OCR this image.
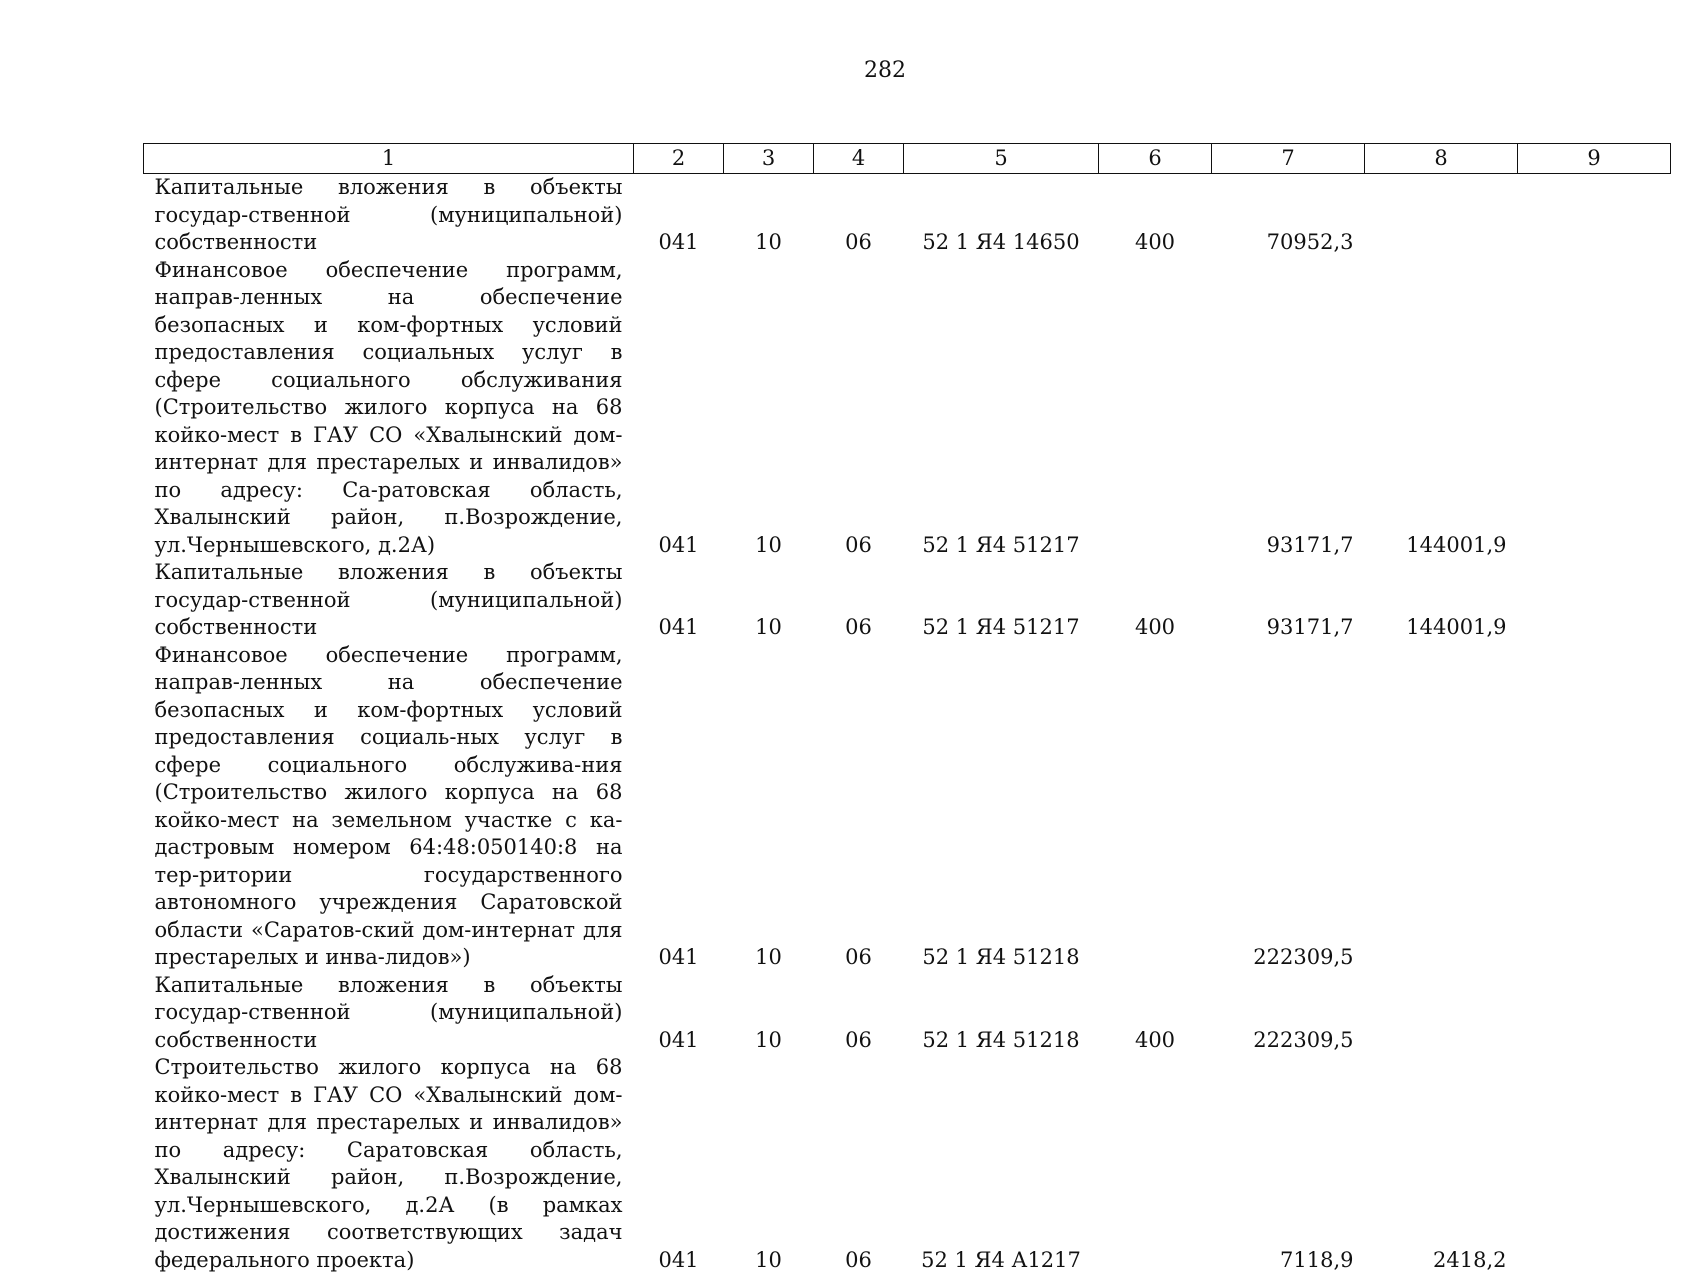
282
1	2	3	4	5	6	7	8	9
Капитальные вложения в объекты государ-ственной (муниципальной) собственности	041	10	06	52 1 Я4 14650	400	70952,3		
Финансовое обеспечение программ, направ-ленных на обеспечение безопасных и ком-фортных условий предоставления социальных услуг в сфере социального обслуживания (Строительство жилого корпуса на 68 койко-мест в ГАУ СО «Хвалынский дом-интернат для престарелых и инвалидов» по адресу: Са-ратовская область, Хвалынский район, п.Возрождение, ул.Чернышевского, д.2А)	041	10	06	52 1 Я4 51217		93171,7	144001,9	
Капитальные вложения в объекты государ-ственной (муниципальной) собственности	041	10	06	52 1 Я4 51217	400	93171,7	144001,9	
Финансовое обеспечение программ, направ-ленных на обеспечение безопасных и ком-фортных условий предоставления социаль-ных услуг в сфере социального обслужива-ния (Строительство жилого корпуса на 68 койко-мест на земельном участке с ка-дастровым номером 64:48:050140:8 на тер-ритории государственного автономного учреждения Саратовской области «Саратов-ский дом-интернат для престарелых и инва-лидов»)	041	10	06	52 1 Я4 51218		222309,5		
Капитальные вложения в объекты государ-ственной (муниципальной) собственности	041	10	06	52 1 Я4 51218	400	222309,5		
Строительство жилого корпуса на 68 койко-мест в ГАУ СО «Хвалынский дом-интернат для престарелых и инвалидов» по адресу: Саратовская область, Хвалынский район, п.Возрождение, ул.Чернышевского, д.2А (в рамках достижения соответствующих задач федерального проекта)	041	10	06	52 1 Я4 А1217		7118,9	2418,2	
